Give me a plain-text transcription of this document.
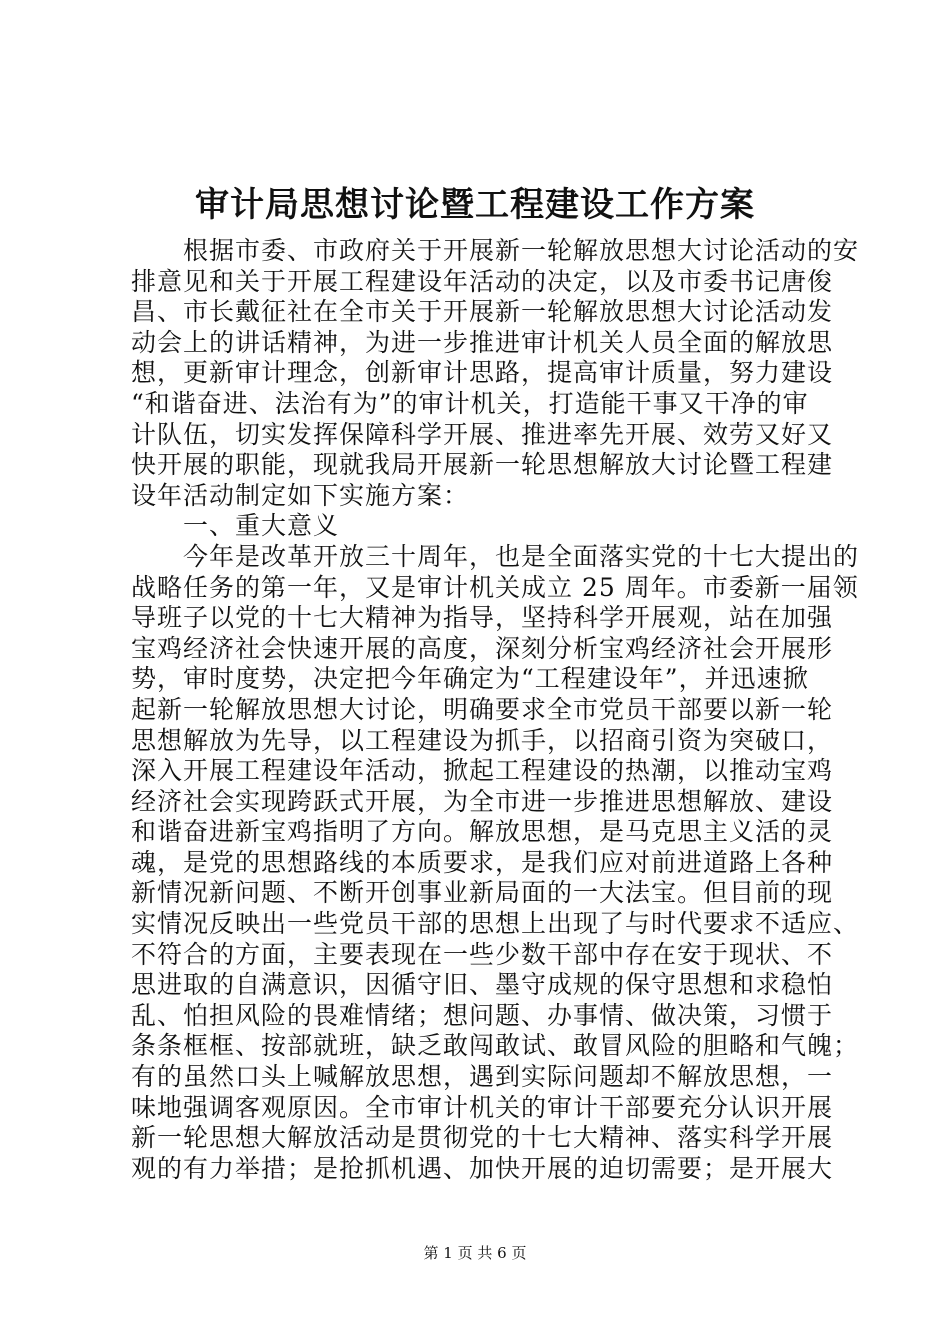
审计局思想讨论暨工程建设工作方案
　　根据市委、市政府关于开展新一轮解放思想大讨论活动的安
排意见和关于开展工程建设年活动的决定，以及市委书记唐俊
昌、市长戴征社在全市关于开展新一轮解放思想大讨论活动发
动会上的讲话精神，为进一步推进审计机关人员全面的解放思
想，更新审计理念，创新审计思路，提高审计质量，努力建设
“和谐奋进、法治有为”的审计机关，打造能干事又干净的审
计队伍，切实发挥保障科学开展、推进率先开展、效劳又好又
快开展的职能，现就我局开展新一轮思想解放大讨论暨工程建
设年活动制定如下实施方案：
　　一、重大意义
　　今年是改革开放三十周年，也是全面落实党的十七大提出的
战略任务的第一年，又是审计机关成立 25 周年。市委新一届领
导班子以党的十七大精神为指导，坚持科学开展观，站在加强
宝鸡经济社会快速开展的高度，深刻分析宝鸡经济社会开展形
势，审时度势，决定把今年确定为“工程建设年”，并迅速掀
起新一轮解放思想大讨论，明确要求全市党员干部要以新一轮
思想解放为先导，以工程建设为抓手，以招商引资为突破口，
深入开展工程建设年活动，掀起工程建设的热潮，以推动宝鸡
经济社会实现跨跃式开展，为全市进一步推进思想解放、建设
和谐奋进新宝鸡指明了方向。解放思想，是马克思主义活的灵
魂，是党的思想路线的本质要求，是我们应对前进道路上各种
新情况新问题、不断开创事业新局面的一大法宝。但目前的现
实情况反映出一些党员干部的思想上出现了与时代要求不适应、
不符合的方面，主要表现在一些少数干部中存在安于现状、不
思进取的自满意识，因循守旧、墨守成规的保守思想和求稳怕
乱、怕担风险的畏难情绪；想问题、办事情、做决策，习惯于
条条框框、按部就班，缺乏敢闯敢试、敢冒风险的胆略和气魄；
有的虽然口头上喊解放思想，遇到实际问题却不解放思想，一
味地强调客观原因。全市审计机关的审计干部要充分认识开展
新一轮思想大解放活动是贯彻党的十七大精神、落实科学开展
观的有力举措；是抢抓机遇、加快开展的迫切需要；是开展大
第 1 页 共 6 页
